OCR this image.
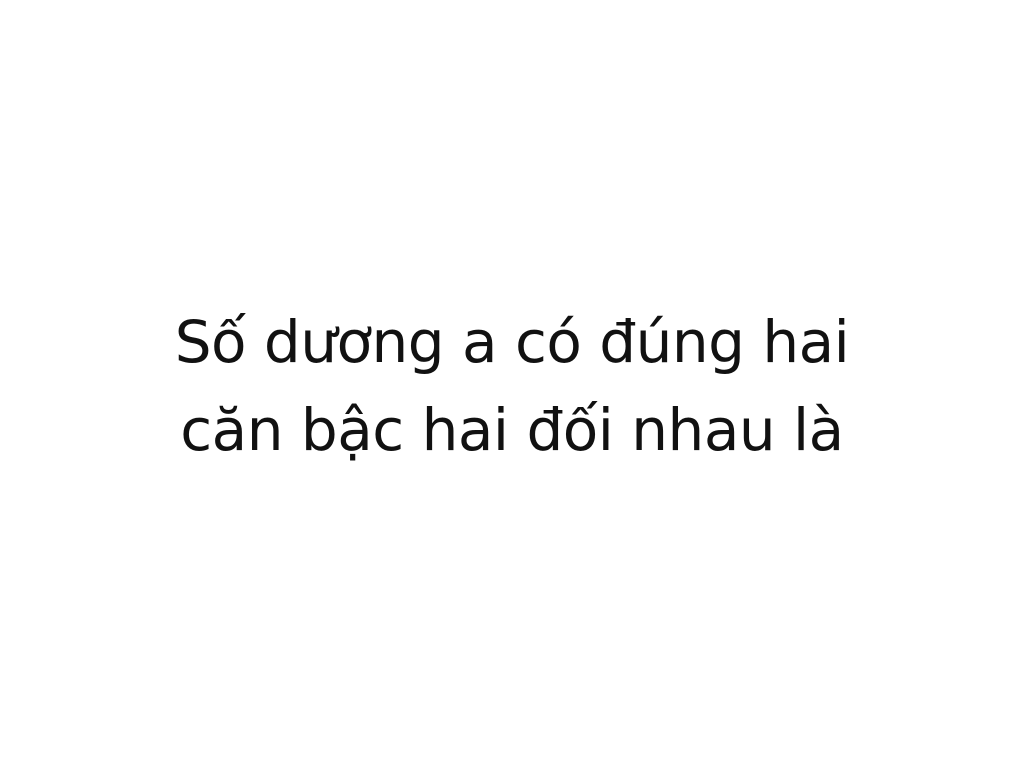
Số dương a có đúng hai
căn bậc hai đối nhau là
